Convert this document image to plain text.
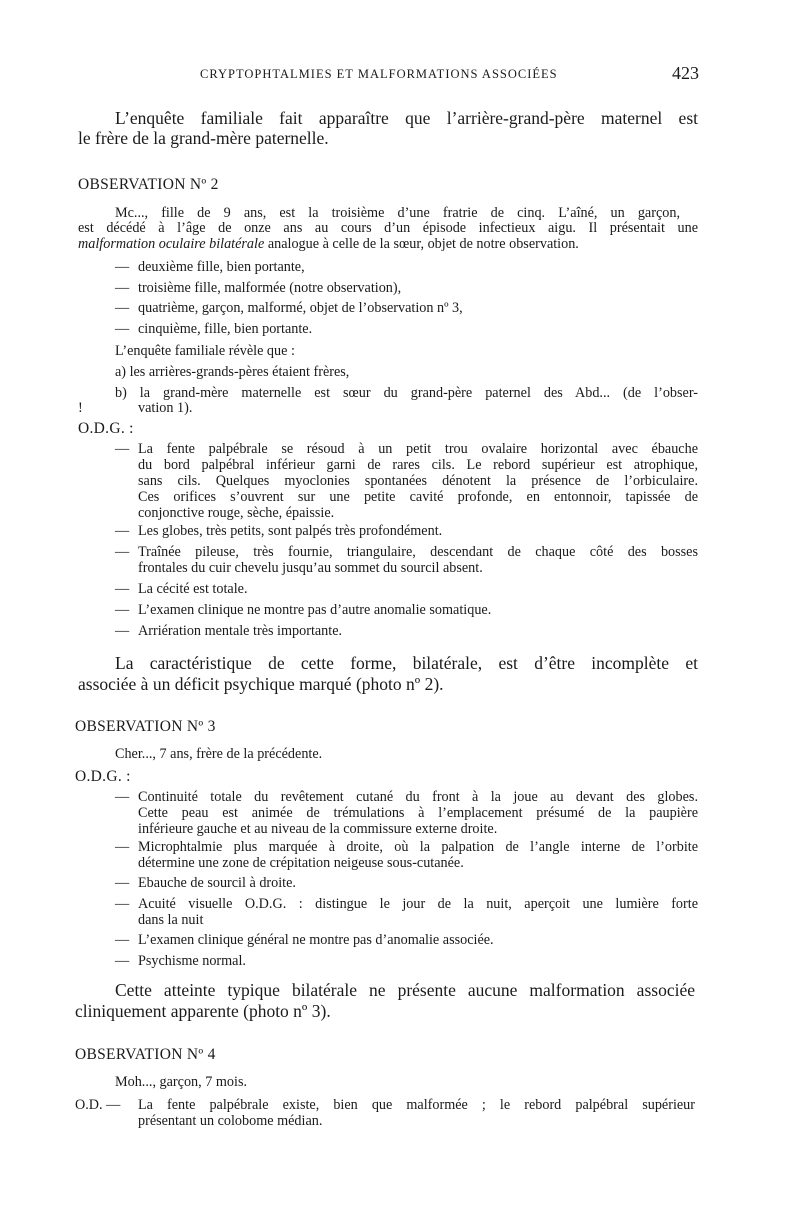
CRYPTOPHTALMIES ET MALFORMATIONS ASSOCIÉES	423
L’enquête familiale fait apparaître que l’arrière-grand-père maternel est
le frère de la grand-mère paternelle.
OBSERVATION Nº 2
Mc..., fille de 9 ans, est la troisième d’une fratrie de cinq. L’aîné, un garçon,
est décédé à l’âge de onze ans au cours d’un épisode infectieux aigu. Il présentait une
malformation oculaire bilatérale analogue à celle de la sœur, objet de notre observation.
— deuxième fille, bien portante,
— troisième fille, malformée (notre observation),
— quatrième, garçon, malformé, objet de l’observation nº 3,
— cinquième, fille, bien portante.
L’enquête familiale révèle que :
a) les arrières-grands-pères étaient frères,
b) la grand-mère maternelle est sœur du grand-père paternel des Abd... (de l’obser-
!	vation 1).
O.D.G. :
— La fente palpébrale se résoud à un petit trou ovalaire horizontal avec ébauche
du bord palpébral inférieur garni de rares cils. Le rebord supérieur est atrophique,
sans cils. Quelques myoclonies spontanées dénotent la présence de l’orbiculaire.
Ces orifices s’ouvrent sur une petite cavité profonde, en entonnoir, tapissée de
conjonctive rouge, sèche, épaissie.
— Les globes, très petits, sont palpés très profondément.
— Traînée pileuse, très fournie, triangulaire, descendant de chaque côté des bosses
frontales du cuir chevelu jusqu’au sommet du sourcil absent.
— La cécité est totale.
— L’examen clinique ne montre pas d’autre anomalie somatique.
— Arriération mentale très importante.
La caractéristique de cette forme, bilatérale, est d’être incomplète et
associée à un déficit psychique marqué (photo nº 2).
OBSERVATION Nº 3
Cher..., 7 ans, frère de la précédente.
O.D.G. :
— Continuité totale du revêtement cutané du front à la joue au devant des globes.
Cette peau est animée de trémulations à l’emplacement présumé de la paupière
inférieure gauche et au niveau de la commissure externe droite.
— Microphtalmie plus marquée à droite, où la palpation de l’angle interne de l’orbite
détermine une zone de crépitation neigeuse sous-cutanée.
— Ebauche de sourcil à droite.
— Acuité visuelle O.D.G. : distingue le jour de la nuit, aperçoit une lumière forte
dans la nuit
— L’examen clinique général ne montre pas d’anomalie associée.
— Psychisme normal.
Cette atteinte typique bilatérale ne présente aucune malformation associée
cliniquement apparente (photo nº 3).
OBSERVATION Nº 4
Moh..., garçon, 7 mois.
O.D. — La fente palpébrale existe, bien que malformée ; le rebord palpébral supérieur
présentant un colobome médian.
